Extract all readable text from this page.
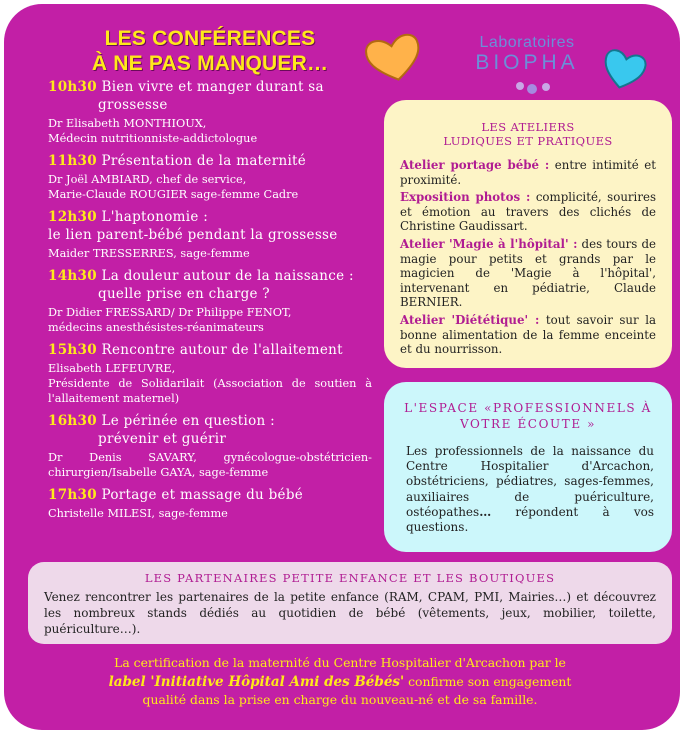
LES CONFÉRENCES
À NE PAS MANQUER…
Laboratoires
BIOPHA
10h30 Bien vivre et manger durant sa
grossesse
Dr Elisabeth MONTHIOUX,
Médecin nutritionniste-addictologue
11h30 Présentation de la maternité
Dr Joël AMBIARD, chef de service,
Marie-Claude ROUGIER sage-femme Cadre
12h30 L'haptonomie :
le lien parent-bébé pendant la grossesse
Maider TRESSERRES, sage-femme
14h30 La douleur autour de la naissance :
quelle prise en charge ?
Dr Didier FRESSARD/ Dr Philippe FENOT,
médecins anesthésistes-réanimateurs
15h30 Rencontre autour de l'allaitement
Elisabeth LEFEUVRE,
Présidente de Solidarilait (Association de soutien à l'allaitement maternel)
16h30 Le périnée en question :
prévenir et guérir
Dr Denis SAVARY, gynécologue-obstétricien-chirurgien/Isabelle GAYA, sage-femme
17h30 Portage et massage du bébé
Christelle MILESI, sage-femme
LES ATELIERS
LUDIQUES ET PRATIQUES
Atelier portage bébé : entre intimité et proximité.
Exposition photos : complicité, sourires et émotion au travers des clichés de Christine Gaudissart.
Atelier 'Magie à l'hôpital' : des tours de magie pour petits et grands par le magicien de 'Magie à l'hôpital', intervenant en pédiatrie, Claude BERNIER.
Atelier 'Diététique' : tout savoir sur la bonne alimentation de la femme enceinte et du nourrisson.
L'ESPACE «PROFESSIONNELS À
VOTRE ÉCOUTE »
Les professionnels de la naissance du Centre Hospitalier d'Arcachon, obstétriciens, pédiatres, sages-femmes, auxiliaires de puériculture, ostéopathes… répondent à vos questions.
LES PARTENAIRES PETITE ENFANCE ET LES BOUTIQUES
Venez rencontrer les partenaires de la petite enfance (RAM, CPAM, PMI, Mairies…) et découvrez les nombreux stands dédiés au quotidien de bébé (vêtements, jeux, mobilier, toilette, puériculture…).
La certification de la maternité du Centre Hospitalier d'Arcachon par le
label 'Initiative Hôpital Ami des Bébés' confirme son engagement
qualité dans la prise en charge du nouveau-né et de sa famille.
